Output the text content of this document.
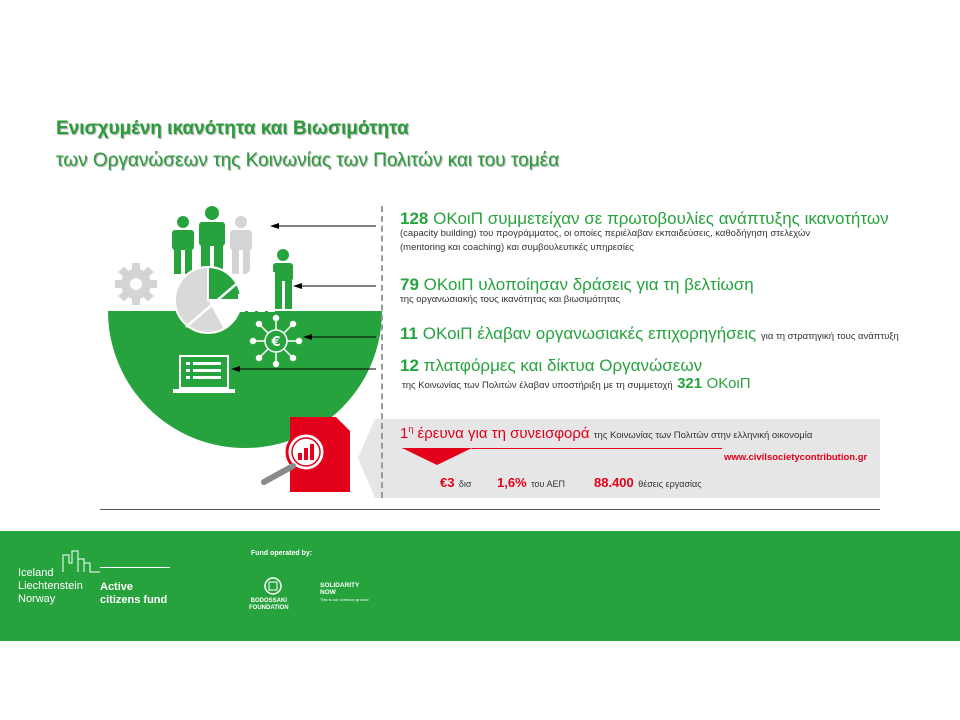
Ενισχυμένη ικανότητα και Βιωσιμότητα
των Οργανώσεων της Κοινωνίας των Πολιτών και του τομέα
€
128 ΟΚοιΠ συμμετείχαν σε πρωτοβουλίες ανάπτυξης ικανοτήτων
(capacity building) του προγράμματος, οι οποίες περιέλαβαν εκπαιδεύσεις, καθοδήγηση στελεχών
(mentoring και coaching) και συμβουλευτικές υπηρεσίες
79 ΟΚοιΠ υλοποίησαν δράσεις για τη βελτίωση
της οργανωσιακής τους ικανότητας και βιωσιμότητας
11 ΟΚοιΠ έλαβαν οργανωσιακές επιχορηγήσεις για τη στρατηγική τους ανάπτυξη
12 πλατφόρμες και δίκτυα Οργανώσεων
της Κοινωνίας των Πολιτών έλαβαν υποστήριξη με τη συμμετοχή 321 ΟΚοιΠ
$1^\eta$ έρευνα για τη συνεισφορά της Κοινωνίας των Πολιτών στην ελληνική οικονομία
www.civilsocietycontribution.gr
€3 δισ 1,6% του ΑΕΠ 88.400 θέσεις εργασίας
Iceland
Liechtenstein
Norway
Active
citizens fund
Fund operated by:
BODOSSAKI
FOUNDATION
SOLIDARITY
NOW
This is our common ground
